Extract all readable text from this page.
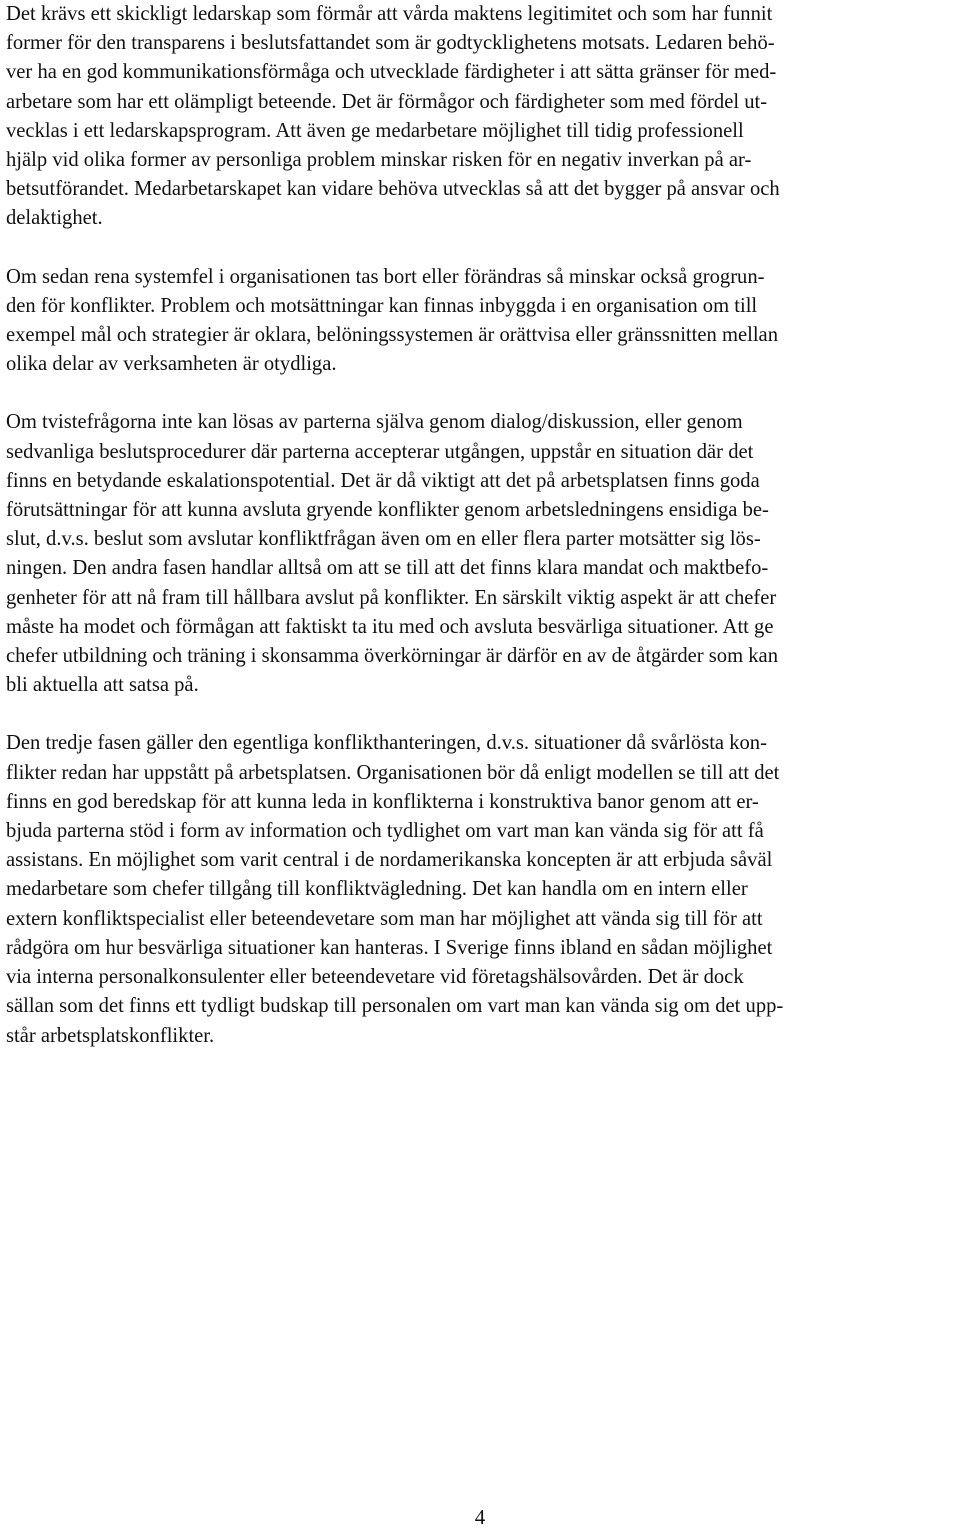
Det krävs ett skickligt ledarskap som förmår att vårda maktens legitimitet och som har funnit
former för den transparens i beslutsfattandet som är godtycklighetens motsats. Ledaren behö-
ver ha en god kommunikationsförmåga och utvecklade färdigheter i att sätta gränser för med-
arbetare som har ett olämpligt beteende. Det är förmågor och färdigheter som med fördel ut-
vecklas i ett ledarskapsprogram. Att även ge medarbetare möjlighet till tidig professionell
hjälp vid olika former av personliga problem minskar risken för en negativ inverkan på ar-
betsutförandet. Medarbetarskapet kan vidare behöva utvecklas så att det bygger på ansvar och
delaktighet.

Om sedan rena systemfel i organisationen tas bort eller förändras så minskar också grogrun-
den för konflikter. Problem och motsättningar kan finnas inbyggda i en organisation om till
exempel mål och strategier är oklara, belöningssystemen är orättvisa eller gränssnitten mellan
olika delar av verksamheten är otydliga.

Om tvistefrågorna inte kan lösas av parterna själva genom dialog/diskussion, eller genom
sedvanliga beslutsprocedurer där parterna accepterar utgången, uppstår en situation där det
finns en betydande eskalationspotential. Det är då viktigt att det på arbetsplatsen finns goda
förutsättningar för att kunna avsluta gryende konflikter genom arbetsledningens ensidiga be-
slut, d.v.s. beslut som avslutar konfliktfrågan även om en eller flera parter motsätter sig lös-
ningen. Den andra fasen handlar alltså om att se till att det finns klara mandat och maktbefo-
genheter för att nå fram till hållbara avslut på konflikter. En särskilt viktig aspekt är att chefer
måste ha modet och förmågan att faktiskt ta itu med och avsluta besvärliga situationer. Att ge
chefer utbildning och träning i skonsamma överkörningar är därför en av de åtgärder som kan
bli aktuella att satsa på.

Den tredje fasen gäller den egentliga konflikthanteringen, d.v.s. situationer då svårlösta kon-
flikter redan har uppstått på arbetsplatsen. Organisationen bör då enligt modellen se till att det
finns en god beredskap för att kunna leda in konflikterna i konstruktiva banor genom att er-
bjuda parterna stöd i form av information och tydlighet om vart man kan vända sig för att få
assistans. En möjlighet som varit central i de nordamerikanska koncepten är att erbjuda såväl
medarbetare som chefer tillgång till konfliktvägledning. Det kan handla om en intern eller
extern konfliktspecialist eller beteendevetare som man har möjlighet att vända sig till för att
rådgöra om hur besvärliga situationer kan hanteras. I Sverige finns ibland en sådan möjlighet
via interna personalkonsulenter eller beteendevetare vid företagshälsovården. Det är dock
sällan som det finns ett tydligt budskap till personalen om vart man kan vända sig om det upp-
står arbetsplatskonflikter.

4
